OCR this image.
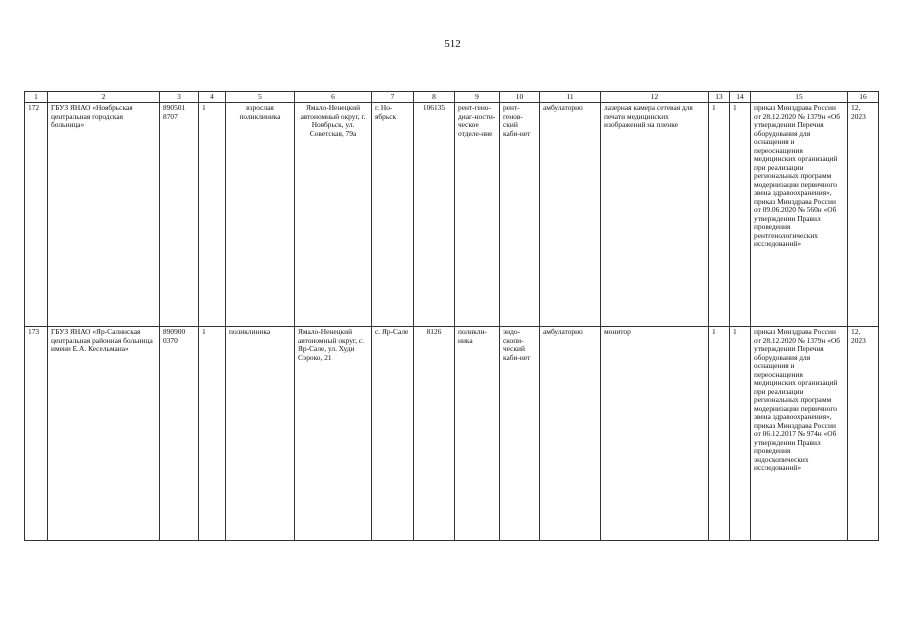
512
1	2	3	4	5	6	7	8	9	10	11	12	13	14	15	16
172	ГБУЗ ЯНАО «Ноябрьская центральная городская больница»	890501 8707	1	взрослая поликлиника	Ямало-Ненецкий автономный округ, г. Ноябрьск, ул. Советская, 79а	г. Но-ябрьск	106135	рент-гено-диаг-ности-ческое отделе-ние	рент-генов-ский каби-нет	амбулаторно	лазерная камера сетевая для печати медицинских изображений на пленке	1	1	приказ Минздрава России от 28.12.2020 № 1379н «Об утверждении Перечня оборудования для оснащения и переоснащения медицинских организаций при реализации региональных программ модернизации первичного звена здравоохранения», приказ Минздрава России от 09.06.2020 № 560н «Об утверждении Правил проведения рентгенологических исследований»	12, 2023
173	ГБУЗ ЯНАО «Яр-Салинская центральная районная больница имени Е.А. Кесельмана»	890900 0370	1	поликлиника	Ямало-Ненецкий автономный округ, с. Яр-Сале, ул. Худи Сэроко, 21	с. Яр-Сале	8126	поликли-ника	эндо-скопи-ческий каби-нет	амбулаторно	монитор	1	1	приказ Минздрава России от 28.12.2020 № 1379н «Об утверждении Перечня оборудования для оснащения и переоснащения медицинских организаций при реализации региональных программ модернизации первичного звена здравоохранения», приказ Минздрава России от 06.12.2017 № 974н «Об утверждении Правил проведения эндоскопических исследований»	12, 2023
